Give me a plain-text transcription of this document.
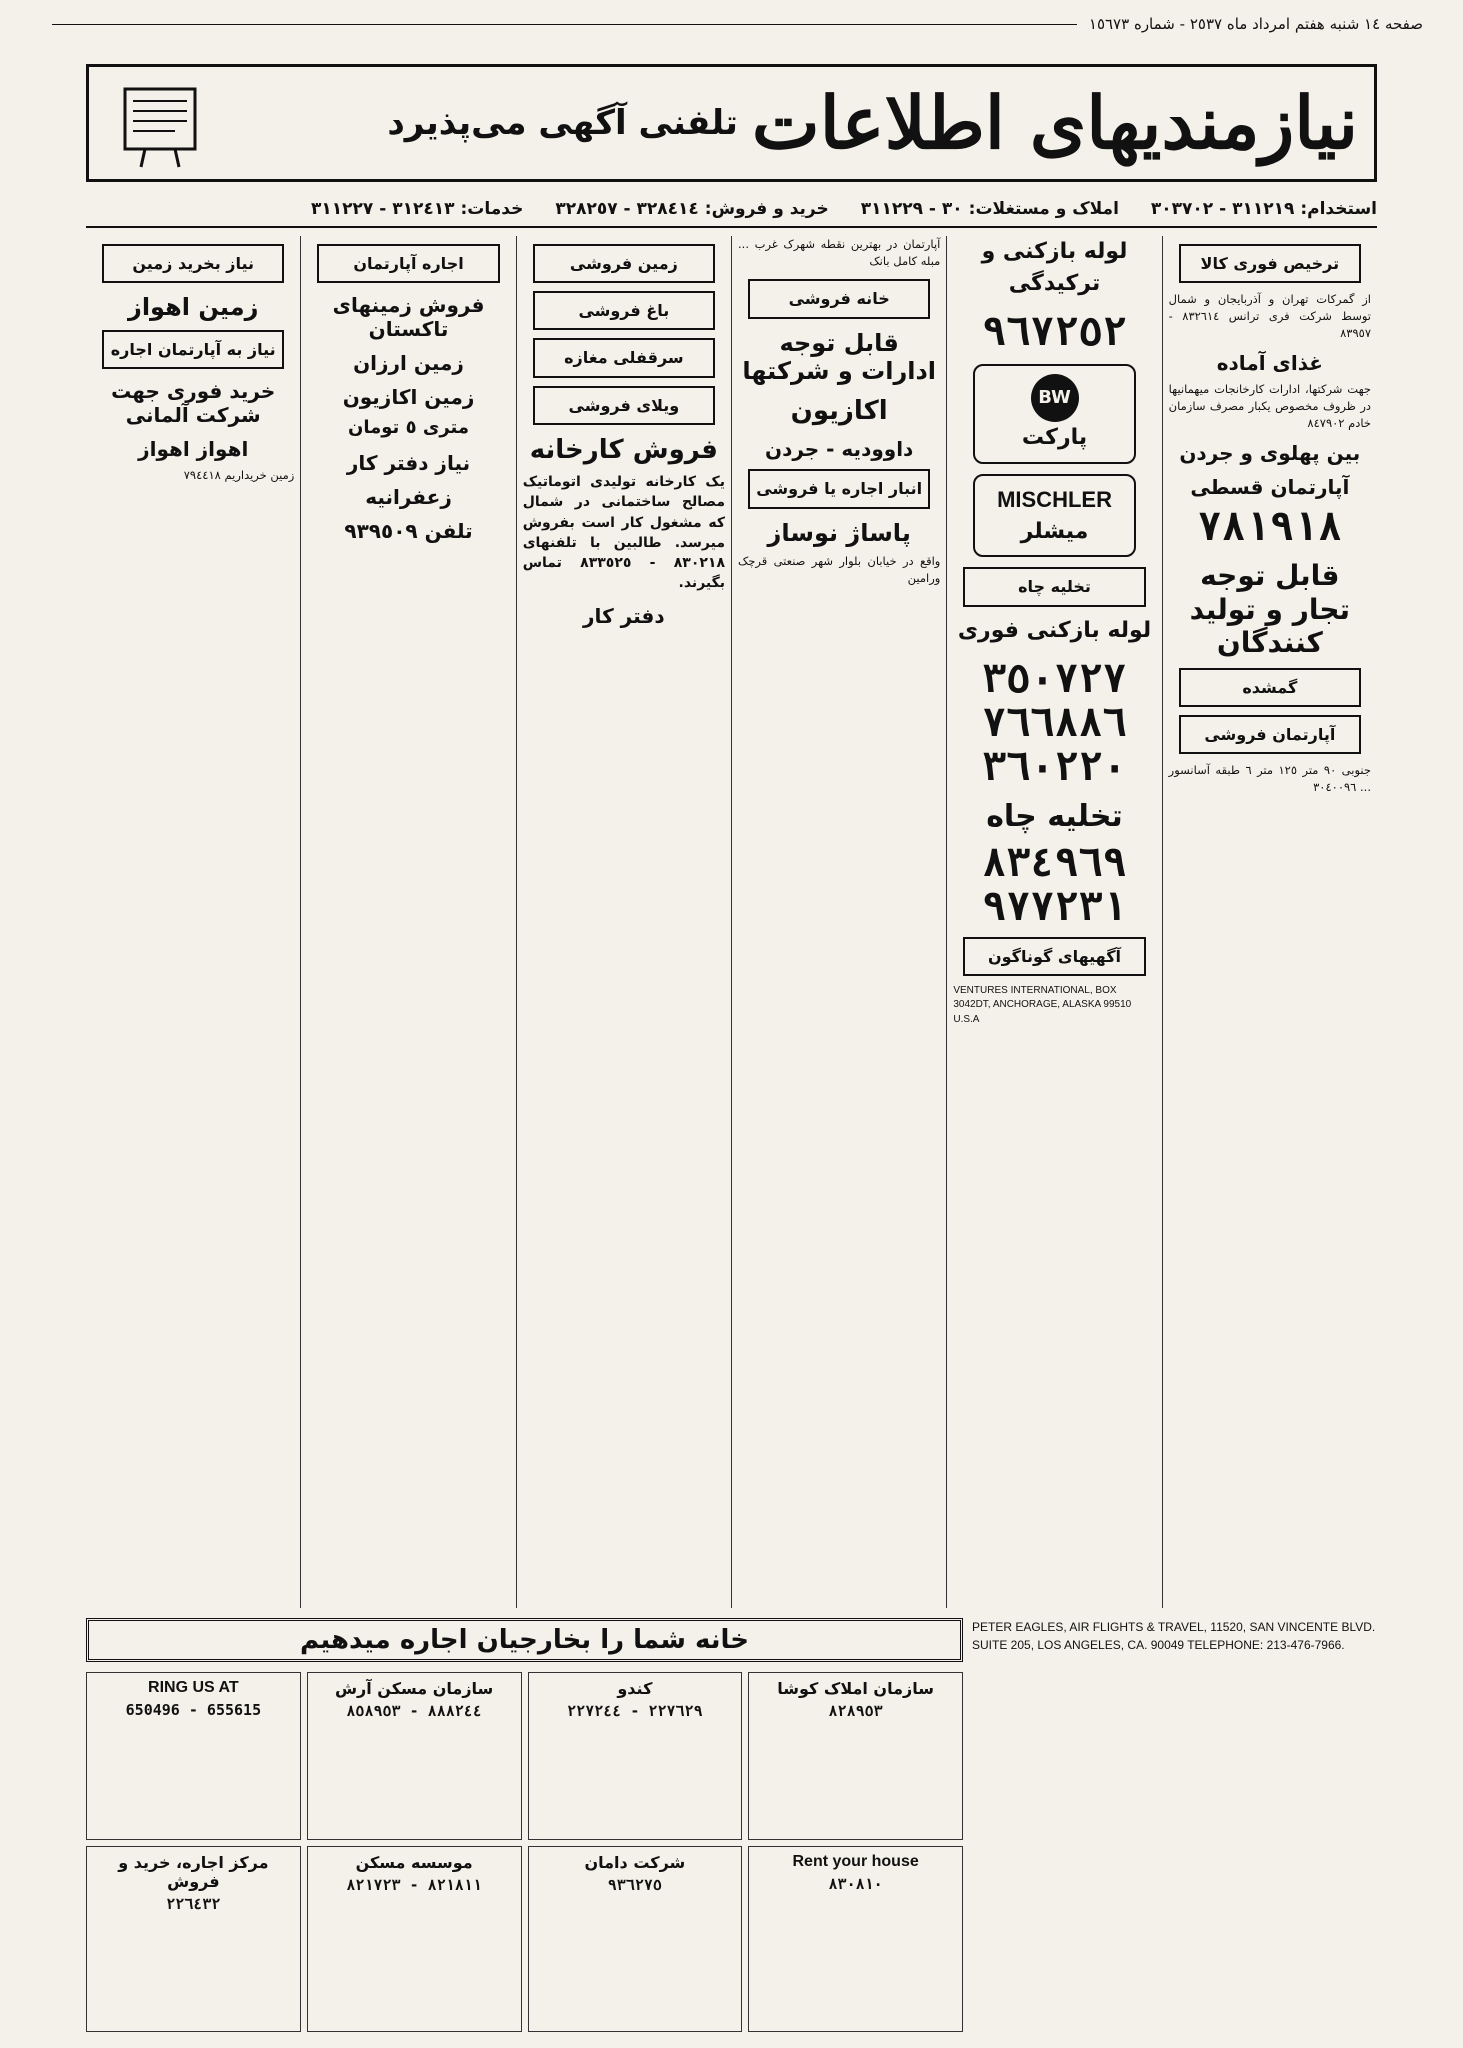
صفحه ١٤ شنبه هفتم امرداد ماه ٢٥٣٧ - شماره ١٥٦٧٣
نیازمندیهای اطلاعات
تلفنی آگهی می‌پذیرد
استخدام:٣١١٢١٩ - ٣٠٣٧٠٢
املاک و مستغلات:٣٠ - ٣١١٢٢٩
خرید و فروش:٣٢٨٤١٤ - ٣٢٨٢٥٧
خدمات:٣١٢٤١٣ - ٣١١٢٢٧
ترخیص فوری کالا
از گمرکات تهران و آذربایجان و شمال توسط شرکت فری ترانس ٨٣٢٦١٤ - ٨٣٩٥٧
غذای آماده
جهت شرکتها، ادارات کارخانجات میهمانیها در ظروف مخصوص یکبار مصرف سازمان خادم ٨٤٧٩٠٢
بین پهلوی و جردن
آپارتمان قسطی
٧٨١٩١٨
قابل توجه تجار و تولید کنندگان
گمشده
آپارتمان فروشی
جنوبی ٩٠ متر ١٢٥ متر ٦ طبقه آسانسور ... ٣٠٤٠٠٩٦
لوله بازکنی و ترکیدگی
٩٦٧٢٥٢
BW
پارکت
MISCHLER
میشلر
تخلیه چاه
لوله بازکنی فوری
٣٥٠٧٢٧
٧٦٦٨٨٦
٣٦٠٢٢٠
تخلیه چاه
٨٣٤٩٦٩
٩٧٧٢٣١
آگهیهای گوناگون
VENTURES INTERNATIONAL, BOX 3042DT, ANCHORAGE, ALASKA 99510 U.S.A
آپارتمان در بهترین نقطه شهرک غرب ... مبله کامل بانک
خانه فروشی
قابل توجه ادارات و شرکتها
اکازیون
داوودیه - جردن
انبار اجاره یا فروشی
پاساژ نوساز
واقع در خیابان بلوار شهر صنعتی قرچک ورامین
زمین فروشی
باغ فروشی
سرقفلی مغازه
ویلای فروشی
فروش کارخانه
یک کارخانه تولیدی اتوماتیک مصالح ساختمانی در شمال که مشغول کار است بفروش میرسد. طالبین با تلفنهای ٨٣٠٢١٨ - ٨٣٣٥٢٥ تماس بگیرند.
دفتر کار
اجاره آپارتمان
فروش زمینهای تاکستان
زمین ارزان
زمین اکازیون
متری ٥ تومان
نیاز دفتر کار
زعفرانیه
تلفن ٩٣٩٥٠٩
نیاز بخرید زمین
زمین اهواز
نیاز به آپارتمان اجاره
خرید فوری جهت شرکت آلمانی
اهواز اهواز
زمین خریداریم ٧٩٤٤١٨
خانه شما را بخارجیان اجاره میدهیم
سازمان املاک کوشا
٨٢٨٩٥٣
کندو
٢٢٧٦٢٩ - ٢٢٧٢٤٤
سازمان مسکن آرش
٨٨٨٢٤٤ - ٨٥٨٩٥٣
RING US AT
655615 - 650496
Rent your house
٨٣٠٨١٠
شرکت دامان
٩٣٦٢٧٥
موسسه مسکن
٨٢١٨١١ - ٨٢١٧٢٣
مرکز اجاره، خرید و فروش
٢٢٦٤٣٢
PETER EAGLES, AIR FLIGHTS & TRAVEL, 11520, SAN VINCENTE BLVD. SUITE 205, LOS ANGELES, CA. 90049 TELEPHONE: 213-476-7966.
